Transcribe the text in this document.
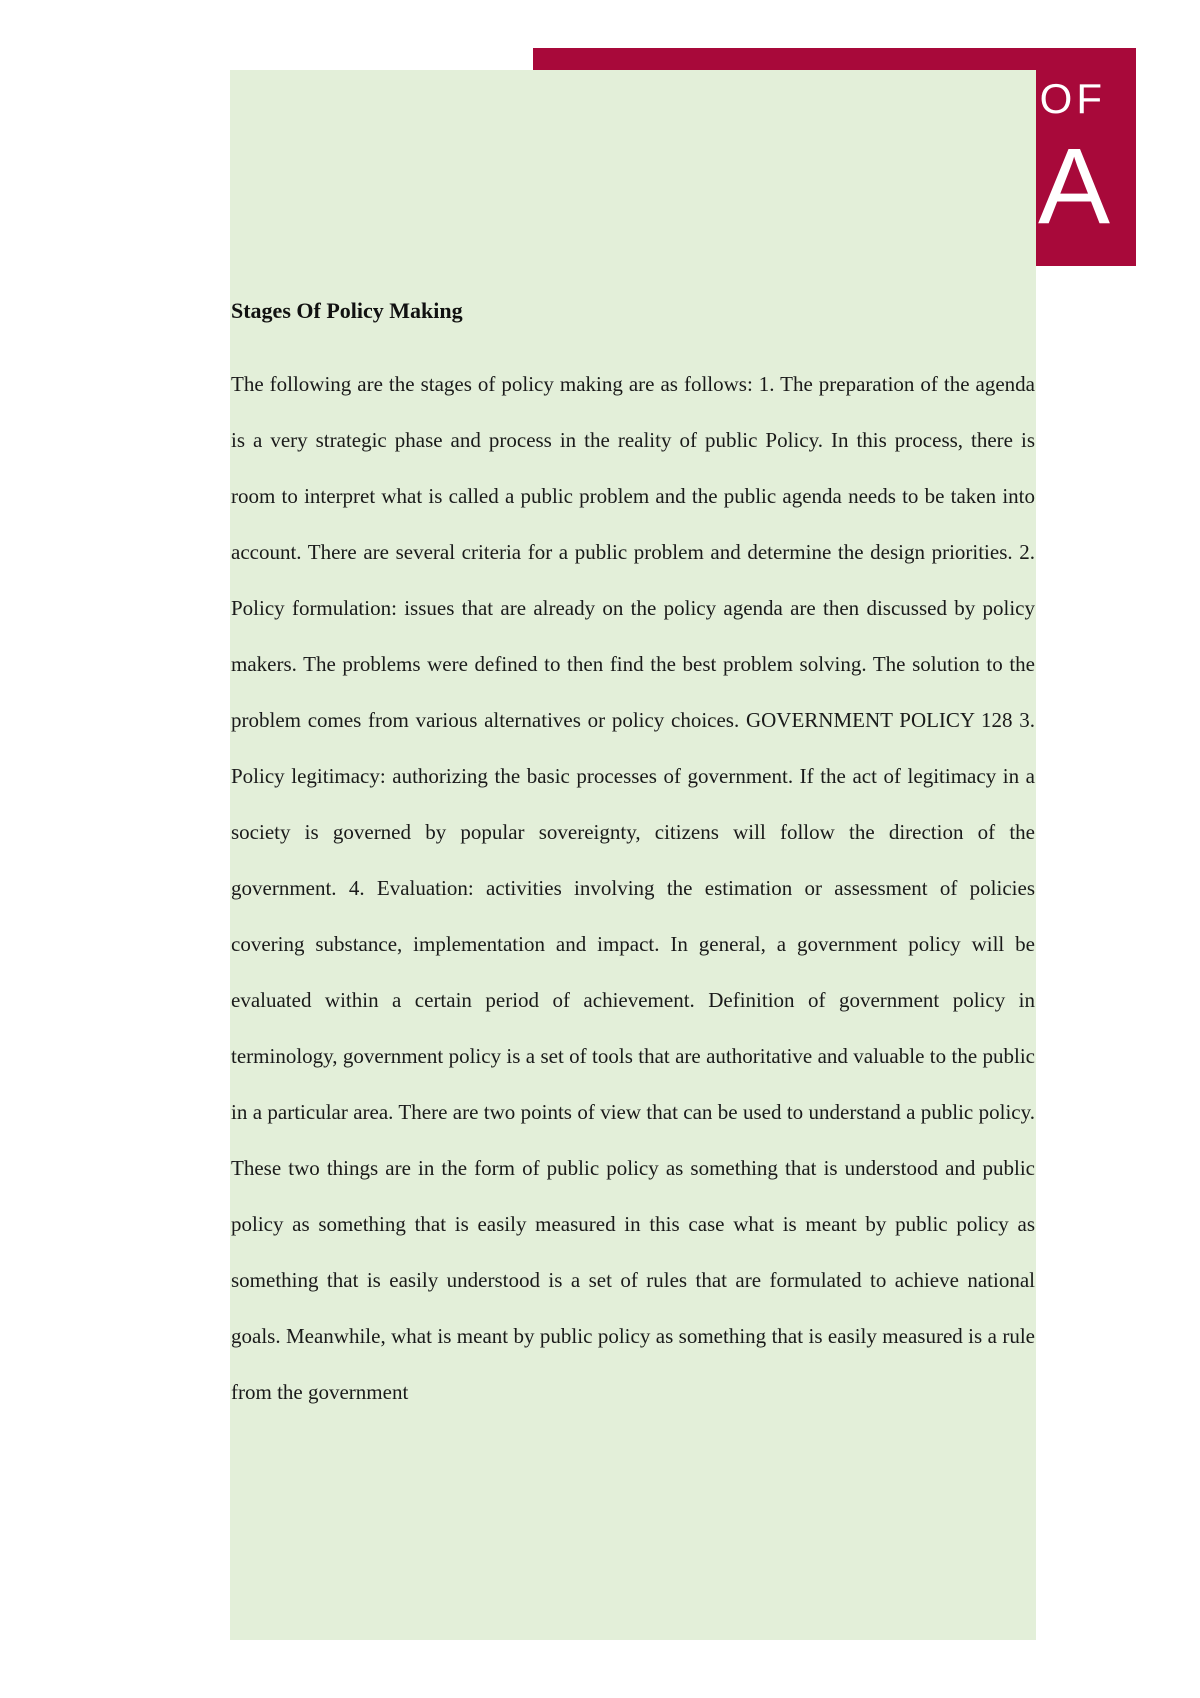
OF
A
Stages Of Policy Making

The following are the stages of policy making are as follows: 1. The preparation of the agenda is a very strategic phase and process in the reality of public Policy. In this process, there is room to interpret what is called a public problem and the public agenda needs to be taken into account. There are several criteria for a public problem and determine the design priorities. 2. Policy formulation: issues that are already on the policy agenda are then discussed by policy makers. The problems were defined to then find the best problem solving. The solution to the problem comes from various alternatives or policy choices. GOVERNMENT POLICY 128 3. Policy legitimacy: authorizing the basic processes of government. If the act of legitimacy in a society is governed by popular sovereignty, citizens will follow the direction of the government. 4. Evaluation: activities involving the estimation or assessment of policies covering substance, implementation and impact. In general, a government policy will be evaluated within a certain period of achievement. Definition of government policy in terminology, government policy is a set of tools that are authoritative and valuable to the public in a particular area. There are two points of view that can be used to understand a public policy. These two things are in the form of public policy as something that is understood and public policy as something that is easily measured in this case what is meant by public policy as something that is easily understood is a set of rules that are formulated to achieve national goals. Meanwhile, what is meant by public policy as something that is easily measured is a rule from the government
